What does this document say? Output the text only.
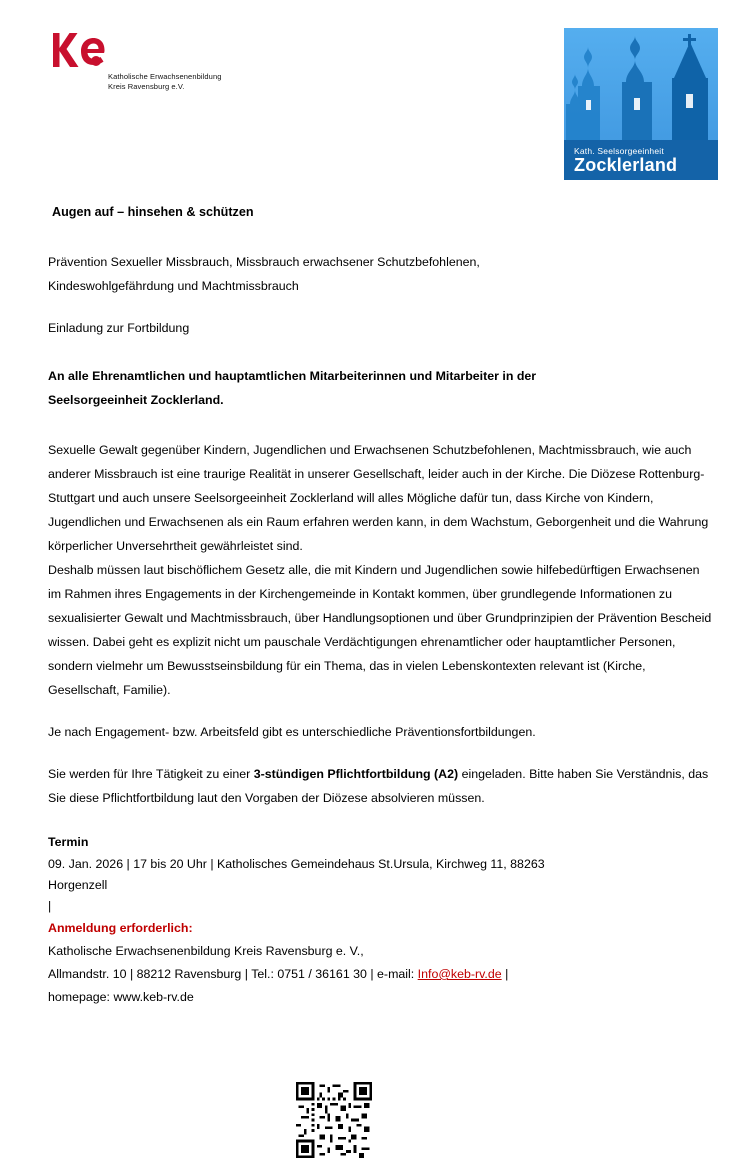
Katholische Erwachsenenbildung
Kreis Ravensburg e.V.
Kath. Seelsorgeeinheit
Zocklerland

Augen auf – hinsehen & schützen

Prävention Sexueller Missbrauch, Missbrauch erwachsener Schutzbefohlenen,
Kindeswohlgefährdung und Machtmissbrauch

Einladung zur Fortbildung

An alle Ehrenamtlichen und hauptamtlichen Mitarbeiterinnen und Mitarbeiter in der
Seelsorgeeinheit Zocklerland.

Sexuelle Gewalt gegenüber Kindern, Jugendlichen und Erwachsenen Schutzbefohlenen, Machtmissbrauch, wie auch anderer Missbrauch ist eine traurige Realität in unserer Gesellschaft, leider auch in der Kirche. Die Diözese Rottenburg-Stuttgart und auch unsere Seelsorgeeinheit Zocklerland will alles Mögliche dafür tun, dass Kirche von Kindern, Jugendlichen und Erwachsenen als ein Raum erfahren werden kann, in dem Wachstum, Geborgenheit und die Wahrung körperlicher Unversehrtheit gewährleistet sind.

Deshalb müssen laut bischöflichem Gesetz alle, die mit Kindern und Jugendlichen sowie hilfebedürftigen Erwachsenen im Rahmen ihres Engagements in der Kirchengemeinde in Kontakt kommen, über grundlegende Informationen zu sexualisierter Gewalt und Machtmissbrauch, über Handlungsoptionen und über Grundprinzipien der Prävention Bescheid wissen. Dabei geht es explizit nicht um pauschale Verdächtigungen ehrenamtlicher oder hauptamtlicher Personen, sondern vielmehr um Bewusstseinsbildung für ein Thema, das in vielen Lebenskontexten relevant ist (Kirche, Gesellschaft, Familie).

Je nach Engagement- bzw. Arbeitsfeld gibt es unterschiedliche Präventionsfortbildungen.

Sie werden für Ihre Tätigkeit zu einer 3-stündigen Pflichtfortbildung (A2) eingeladen. Bitte haben Sie Verständnis, das Sie diese Pflichtfortbildung laut den Vorgaben der Diözese absolvieren müssen.

Termin
09. Jan. 2026 | 17 bis 20 Uhr | Katholisches Gemeindehaus St.Ursula, Kirchweg 11, 88263
Horgenzell
|
Anmeldung erforderlich:
Katholische Erwachsenenbildung Kreis Ravensburg e. V.,
Allmandstr. 10 | 88212 Ravensburg | Tel.: 0751 / 36161 30 | e-mail: Info@keb-rv.de |
homepage: www.keb-rv.de
